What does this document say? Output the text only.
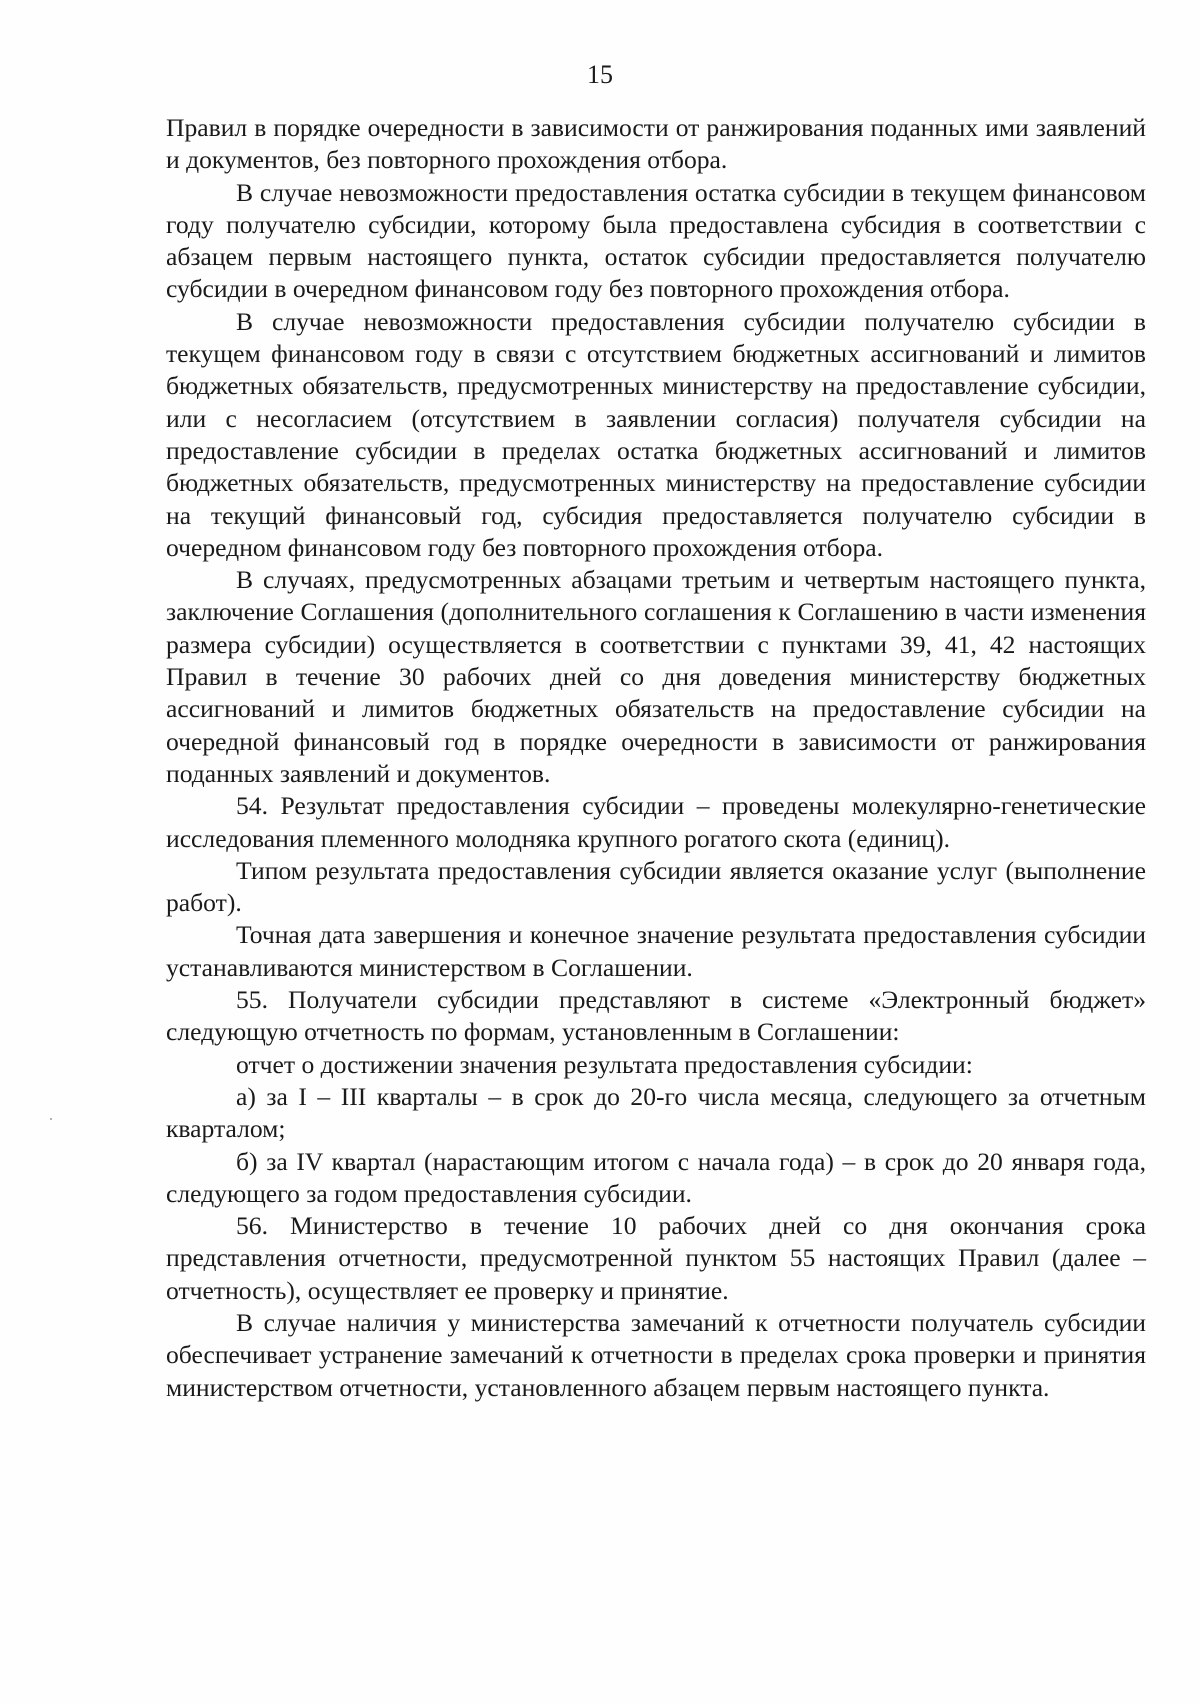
15

Правил в порядке очередности в зависимости от ранжирования поданных ими заявлений и документов, без повторного прохождения отбора.

В случае невозможности предоставления остатка субсидии в текущем финансовом году получателю субсидии, которому была предоставлена субсидия в соответствии с абзацем первым настоящего пункта, остаток субсидии предоставляется получателю субсидии в очередном финансовом году без повторного прохождения отбора.

В случае невозможности предоставления субсидии получателю субсидии в текущем финансовом году в связи с отсутствием бюджетных ассигнований и лимитов бюджетных обязательств, предусмотренных министерству на предоставление субсидии, или с несогласием (отсутствием в заявлении согласия) получателя субсидии на предоставление субсидии в пределах остатка бюджетных ассигнований и лимитов бюджетных обязательств, предусмотренных министерству на предоставление субсидии на текущий финансовый год, субсидия предоставляется получателю субсидии в очередном финансовом году без повторного прохождения отбора.

В случаях, предусмотренных абзацами третьим и четвертым настоящего пункта, заключение Соглашения (дополнительного соглашения к Соглашению в части изменения размера субсидии) осуществляется в соответствии с пунктами 39, 41, 42 настоящих Правил в течение 30 рабочих дней со дня доведения министерству бюджетных ассигнований и лимитов бюджетных обязательств на предоставление субсидии на очередной финансовый год в порядке очередности в зависимости от ранжирования поданных заявлений и документов.

54. Результат предоставления субсидии – проведены молекулярно-генетические исследования племенного молодняка крупного рогатого скота (единиц).

Типом результата предоставления субсидии является оказание услуг (выполнение работ).

Точная дата завершения и конечное значение результата предоставления субсидии устанавливаются министерством в Соглашении.

55. Получатели субсидии представляют в системе «Электронный бюджет» следующую отчетность по формам, установленным в Соглашении:

отчет о достижении значения результата предоставления субсидии:

а) за I – III кварталы – в срок до 20-го числа месяца, следующего за отчетным кварталом;

б) за IV квартал (нарастающим итогом с начала года) – в срок до 20 января года, следующего за годом предоставления субсидии.

56. Министерство в течение 10 рабочих дней со дня окончания срока представления отчетности, предусмотренной пунктом 55 настоящих Правил (далее – отчетность), осуществляет ее проверку и принятие.

В случае наличия у министерства замечаний к отчетности получатель субсидии обеспечивает устранение замечаний к отчетности в пределах срока проверки и принятия министерством отчетности, установленного абзацем первым настоящего пункта.
